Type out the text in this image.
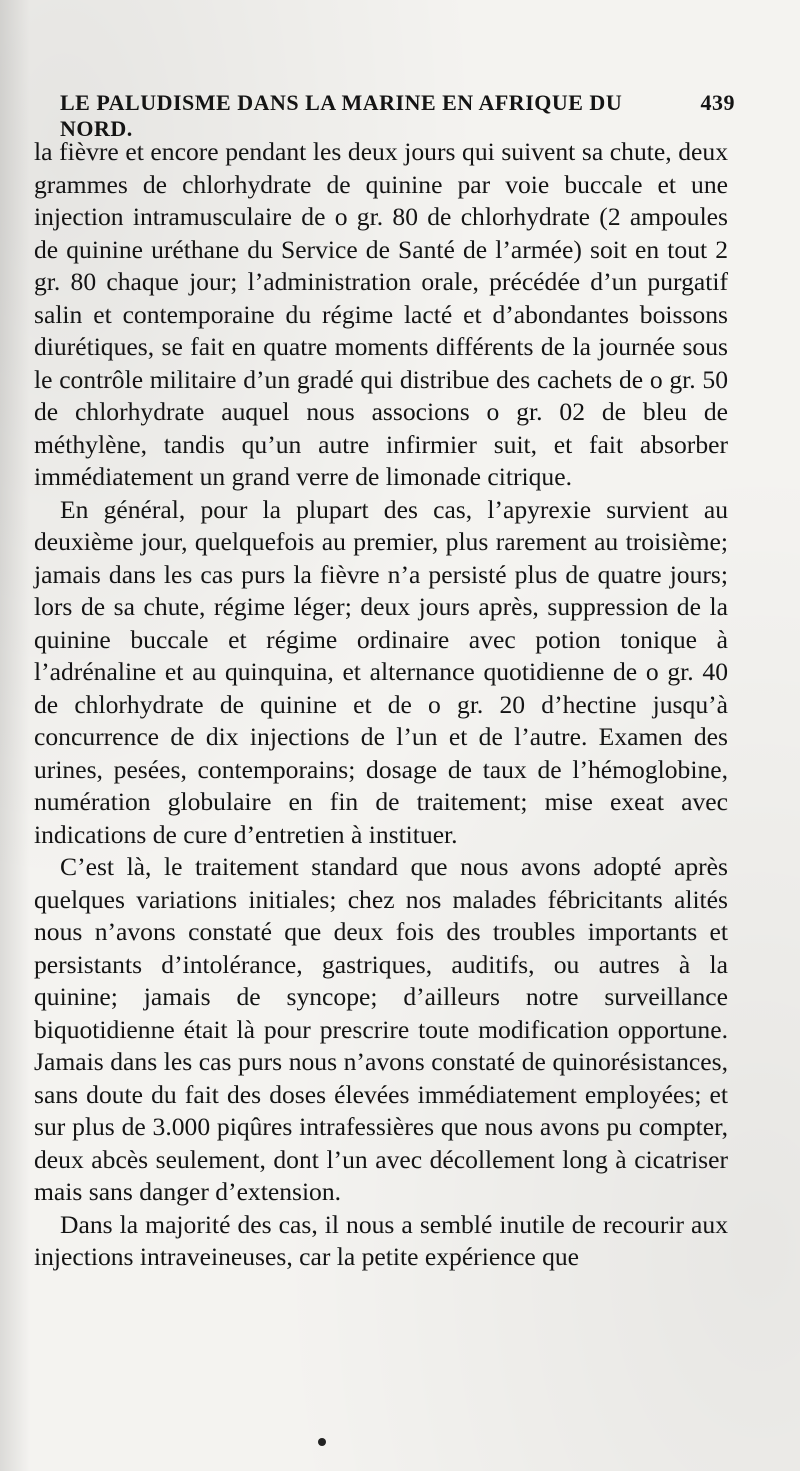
LE PALUDISME DANS LA MARINE EN AFRIQUE DU NORD.
439

la fièvre et encore pendant les deux jours qui suivent sa chute, deux grammes de chlorhydrate de quinine par voie buccale et une injection intramusculaire de o gr. 80 de chlorhydrate (2 ampoules de quinine uréthane du Service de Santé de l’armée) soit en tout 2 gr. 80 chaque jour; l’administration orale, précédée d’un purgatif salin et contemporaine du régime lacté et d’abondantes boissons diurétiques, se fait en quatre moments différents de la journée sous le contrôle militaire d’un gradé qui distribue des cachets de o gr. 50 de chlorhydrate auquel nous associons o gr. 02 de bleu de méthylène, tandis qu’un autre infirmier suit, et fait absorber immédiatement un grand verre de limonade citrique.

En général, pour la plupart des cas, l’apyrexie survient au deuxième jour, quelquefois au premier, plus rarement au troisième; jamais dans les cas purs la fièvre n’a persisté plus de quatre jours; lors de sa chute, régime léger; deux jours après, suppression de la quinine buccale et régime ordinaire avec potion tonique à l’adrénaline et au quinquina, et alternance quotidienne de o gr. 40 de chlorhydrate de quinine et de o gr. 20 d’hectine jusqu’à concurrence de dix injections de l’un et de l’autre. Examen des urines, pesées, contemporains; dosage de taux de l’hémoglobine, numération globulaire en fin de traitement; mise exeat avec indications de cure d’entretien à instituer.

C’est là, le traitement standard que nous avons adopté après quelques variations initiales; chez nos malades fébricitants alités nous n’avons constaté que deux fois des troubles importants et persistants d’intolérance, gastriques, auditifs, ou autres à la quinine; jamais de syncope; d’ailleurs notre surveillance biquotidienne était là pour prescrire toute modification opportune. Jamais dans les cas purs nous n’avons constaté de quinorésistances, sans doute du fait des doses élevées immédiatement employées; et sur plus de 3.000 piqûres intrafessières que nous avons pu compter, deux abcès seulement, dont l’un avec décollement long à cicatriser mais sans danger d’extension.

Dans la majorité des cas, il nous a semblé inutile de recourir aux injections intraveineuses, car la petite expérience que
